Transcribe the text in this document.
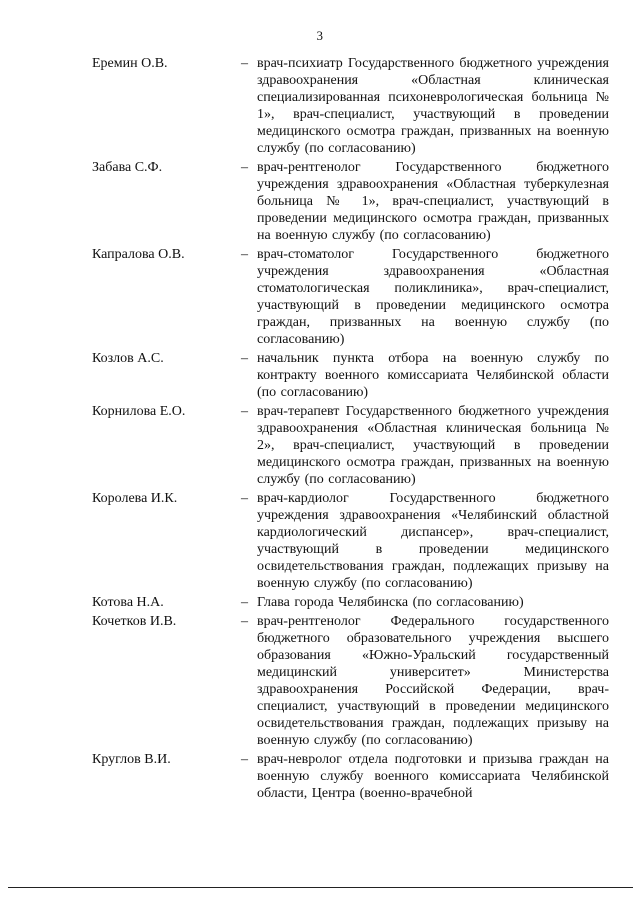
3
Еремин О.В.	– врач-психиатр Государственного бюджетного учреждения здравоохранения «Областная клиническая специализированная психоневрологическая больница № 1», врач-специалист, участвующий в проведении медицинского осмотра граждан, призванных на военную службу (по согласованию)
Забава С.Ф.	– врач-рентгенолог Государственного бюджетного учреждения здравоохранения «Областная туберкулезная больница № 1», врач-специалист, участвующий в проведении медицинского осмотра граждан, призванных на военную службу (по согласованию)
Капралова О.В.	– врач-стоматолог Государственного бюджетного учреждения здравоохранения «Областная стоматологическая поликлиника», врач-специалист, участвующий в проведении медицинского осмотра граждан, призванных на военную службу (по согласованию)
Козлов А.С.	– начальник пункта отбора на военную службу по контракту военного комиссариата Челябинской области (по согласованию)
Корнилова Е.О.	– врач-терапевт Государственного бюджетного учреждения здравоохранения «Областная клиническая больница № 2», врач-специалист, участвующий в проведении медицинского осмотра граждан, призванных на военную службу (по согласованию)
Королева И.К.	– врач-кардиолог Государственного бюджетного учреждения здравоохранения «Челябинский областной кардиологический диспансер», врач-специалист, участвующий в проведении медицинского освидетельствования граждан, подлежащих призыву на военную службу (по согласованию)
Котова Н.А.	– Глава города Челябинска (по согласованию)
Кочетков И.В.	– врач-рентгенолог Федерального государственного бюджетного образовательного учреждения высшего образования «Южно-Уральский государственный медицинский университет» Министерства здравоохранения Российской Федерации, врач-специалист, участвующий в проведении медицинского освидетельствования граждан, подлежащих призыву на военную службу (по согласованию)
Круглов В.И.	– врач-невролог отдела подготовки и призыва граждан на военную службу военного комиссариата Челябинской области, Центра (военно-врачебной
